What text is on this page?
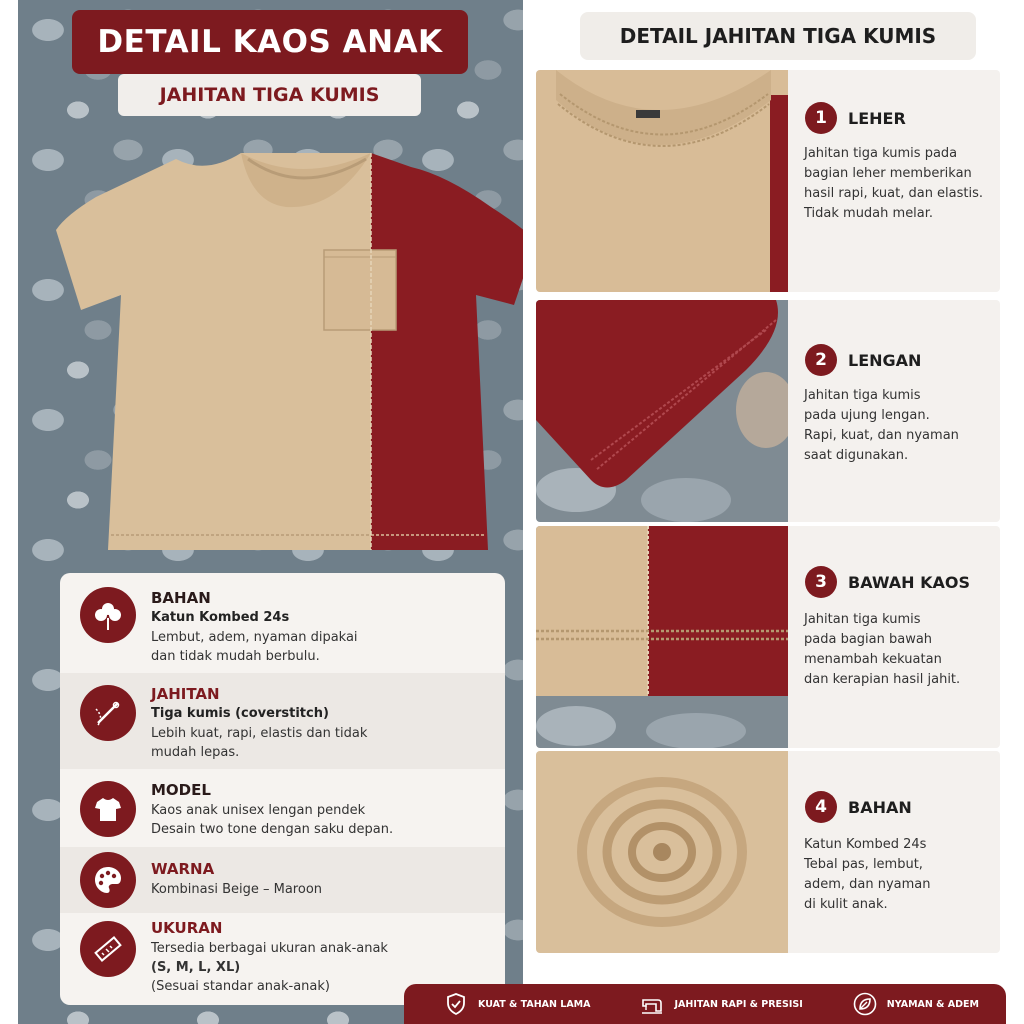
DETAIL KAOS ANAK
JAHITAN TIGA KUMIS
BAHAN
Katun Kombed 24s
Lembut, adem, nyaman dipakai
dan tidak mudah berbulu.
JAHITAN
Tiga kumis (coverstitch)
Lebih kuat, rapi, elastis dan tidak
mudah lepas.
MODEL
Kaos anak unisex lengan pendek
Desain two tone dengan saku depan.
WARNA
Kombinasi Beige – Maroon
UKURAN
Tersedia berbagai ukuran anak-anak
(S, M, L, XL)
(Sesuai standar anak-anak)
DETAIL JAHITAN TIGA KUMIS
1	LEHER
Jahitan tiga kumis pada
bagian leher memberikan
hasil rapi, kuat, dan elastis.
Tidak mudah melar.
2	LENGAN
Jahitan tiga kumis
pada ujung lengan.
Rapi, kuat, dan nyaman
saat digunakan.
3	BAWAH KAOS
Jahitan tiga kumis
pada bagian bawah
menambah kekuatan
dan kerapian hasil jahit.
4	BAHAN
Katun Kombed 24s
Tebal pas, lembut,
adem, dan nyaman
di kulit anak.
KUAT & TAHAN LAMA	JAHITAN RAPI & PRESISI	NYAMAN & ADEM
